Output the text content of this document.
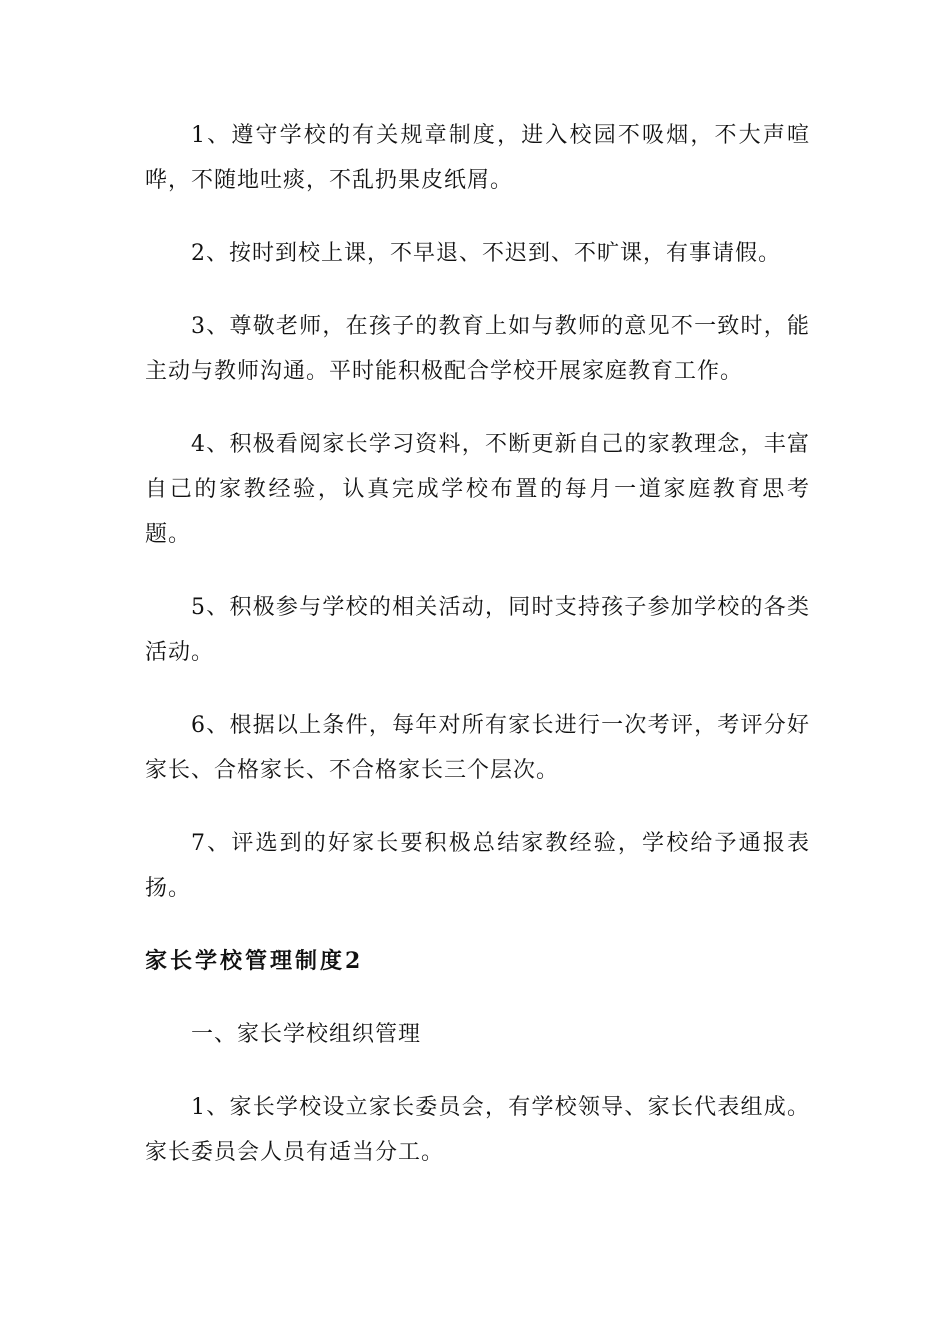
1、遵守学校的有关规章制度，进入校园不吸烟，不大声喧哗，不随地吐痰，不乱扔果皮纸屑。

2、按时到校上课，不早退、不迟到、不旷课，有事请假。

3、尊敬老师，在孩子的教育上如与教师的意见不一致时，能主动与教师沟通。平时能积极配合学校开展家庭教育工作。

4、积极看阅家长学习资料，不断更新自己的家教理念，丰富自己的家教经验，认真完成学校布置的每月一道家庭教育思考题。

5、积极参与学校的相关活动，同时支持孩子参加学校的各类活动。

6、根据以上条件，每年对所有家长进行一次考评，考评分好家长、合格家长、不合格家长三个层次。

7、评选到的好家长要积极总结家教经验，学校给予通报表扬。

家长学校管理制度2

一、家长学校组织管理

1、家长学校设立家长委员会，有学校领导、家长代表组成。家长委员会人员有适当分工。
